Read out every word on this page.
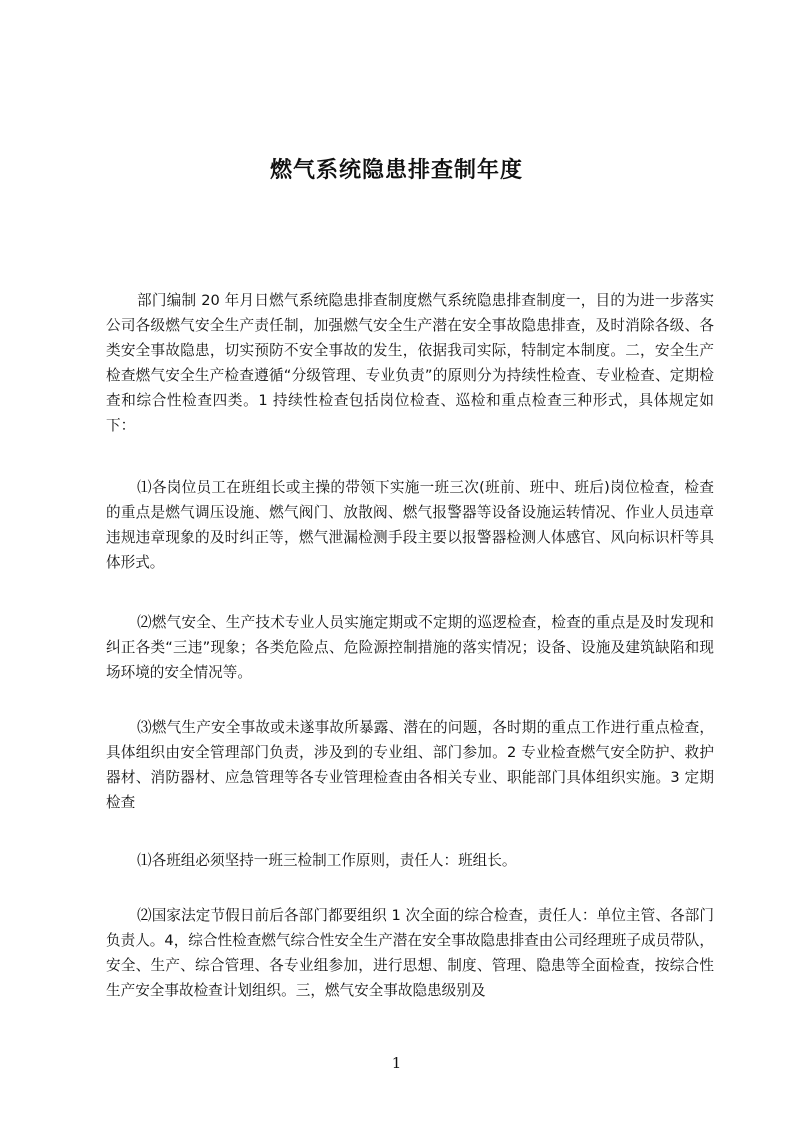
燃气系统隐患排查制年度

部门编制 20 年月日燃气系统隐患排查制度燃气系统隐患排查制度一，目的为进一步落实公司各级燃气安全生产责任制，加强燃气安全生产潜在安全事故隐患排查，及时消除各级、各类安全事故隐患，切实预防不安全事故的发生，依据我司实际，特制定本制度。二，安全生产检查燃气安全生产检查遵循“分级管理、专业负责”的原则分为持续性检查、专业检查、定期检查和综合性检查四类。1 持续性检查包括岗位检查、巡检和重点检查三种形式，具体规定如下：

⑴各岗位员工在班组长或主操的带领下实施一班三次(班前、班中、班后)岗位检查，检查的重点是燃气调压设施、燃气阀门、放散阀、燃气报警器等设备设施运转情况、作业人员违章违规违章现象的及时纠正等，燃气泄漏检测手段主要以报警器检测人体感官、风向标识杆等具体形式。

⑵燃气安全、生产技术专业人员实施定期或不定期的巡逻检查，检查的重点是及时发现和纠正各类“三违”现象；各类危险点、危险源控制措施的落实情况；设备、设施及建筑缺陷和现场环境的安全情况等。

⑶燃气生产安全事故或未遂事故所暴露、潜在的问题，各时期的重点工作进行重点检查，具体组织由安全管理部门负责，涉及到的专业组、部门参加。2 专业检查燃气安全防护、救护器材、消防器材、应急管理等各专业管理检查由各相关专业、职能部门具体组织实施。3 定期检查

⑴各班组必须坚持一班三检制工作原则，责任人：班组长。

⑵国家法定节假日前后各部门都要组织 1 次全面的综合检查，责任人：单位主管、各部门负责人。4，综合性检查燃气综合性安全生产潜在安全事故隐患排查由公司经理班子成员带队，安全、生产、综合管理、各专业组参加，进行思想、制度、管理、隐患等全面检查，按综合性生产安全事故检查计划组织。三，燃气安全事故隐患级别及

1
